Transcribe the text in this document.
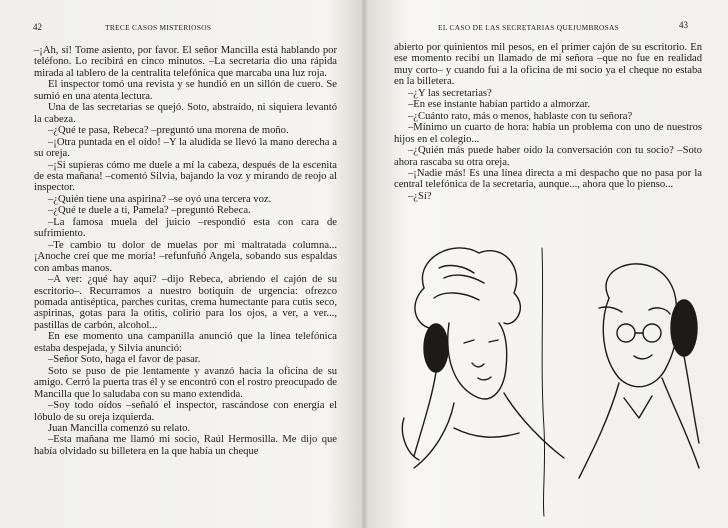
42	TRECE CASOS MISTERIOSOS

–¡Ah, sí! Tome asiento, por favor. El señor Mancilla está hablando por teléfono. Lo recibirá en cinco minutos. –La secretaria dio una rápida mirada al tablero de la centralita telefónica que marcaba una luz roja.

El inspector tomó una revista y se hundió en un sillón de cuero. Se sumió en una atenta lectura.

Una de las secretarias se quejó. Soto, abstraído, ni siquiera levantó la cabeza.

–¿Qué te pasa, Rebeca? –preguntó una morena de moño.

–¡Otra puntada en el oído! –Y la aludida se llevó la mano derecha a su oreja.

–¡Si supieras cómo me duele a mí la cabeza, después de la escenita de esta mañana! –comentó Silvia, bajando la voz y mirando de reojo al inspector.

–¿Quién tiene una aspirina? –se oyó una tercera voz.

–¿Qué te duele a ti, Pamela? –preguntó Rebeca.

–La famosa muela del juicio –respondió esta con cara de sufrimiento.

–Te cambio tu dolor de muelas por mi maltratada columna... ¡Anoche creí que me moría! –refunfuñó Angela, sobando sus espaldas con ambas manos.

–A ver: ¿qué hay aquí? –dijo Rebeca, abriendo el cajón de su escritorio–. Recurramos a nuestro botiquín de urgencia: ofrezco pomada antiséptica, parches curitas, crema humectante para cutis seco, aspirinas, gotas para la otitis, colirio para los ojos, a ver, a ver..., pastillas de carbón, alcohol...

En ese momento una campanilla anunció que la línea telefónica estaba despejada, y Silvia anunció:

–Señor Soto, haga el favor de pasar.

Soto se puso de pie lentamente y avanzó hacia la oficina de su amigo. Cerró la puerta tras él y se encontró con el rostro preocupado de Mancilla que lo saludaba con su mano extendida.

–Soy todo oídos –señaló el inspector, rascándose con energía el lóbulo de su oreja izquierda.

Juan Mancilla comenzó su relato.

–Esta mañana me llamó mi socio, Raúl Hermosilla. Me dijo que había olvidado su billetera en la que había un cheque

EL CASO DE LAS SECRETARIAS QUEJUMBROSAS	43

abierto por quinientos mil pesos, en el primer cajón de su escritorio. En ese momento recibí un llamado de mi señora –que no fue en realidad muy corto– y cuando fui a la oficina de mi socio ya el cheque no estaba en la billetera.

–¿Y las secretarias?

–En ese instante habían partido a almorzar.

–¿Cuánto rato, más o menos, hablaste con tu señora?

–Mínimo un cuarto de hora: había un problema con uno de nuestros hijos en el colegio...

–¿Quién más puede haber oído la conversación con tu socio? –Soto ahora rascaba su otra oreja.

–¡Nadie más! Es una línea directa a mi despacho que no pasa por la central telefónica de la secretaria, aunque..., ahora que lo pienso...

–¿Sí?
